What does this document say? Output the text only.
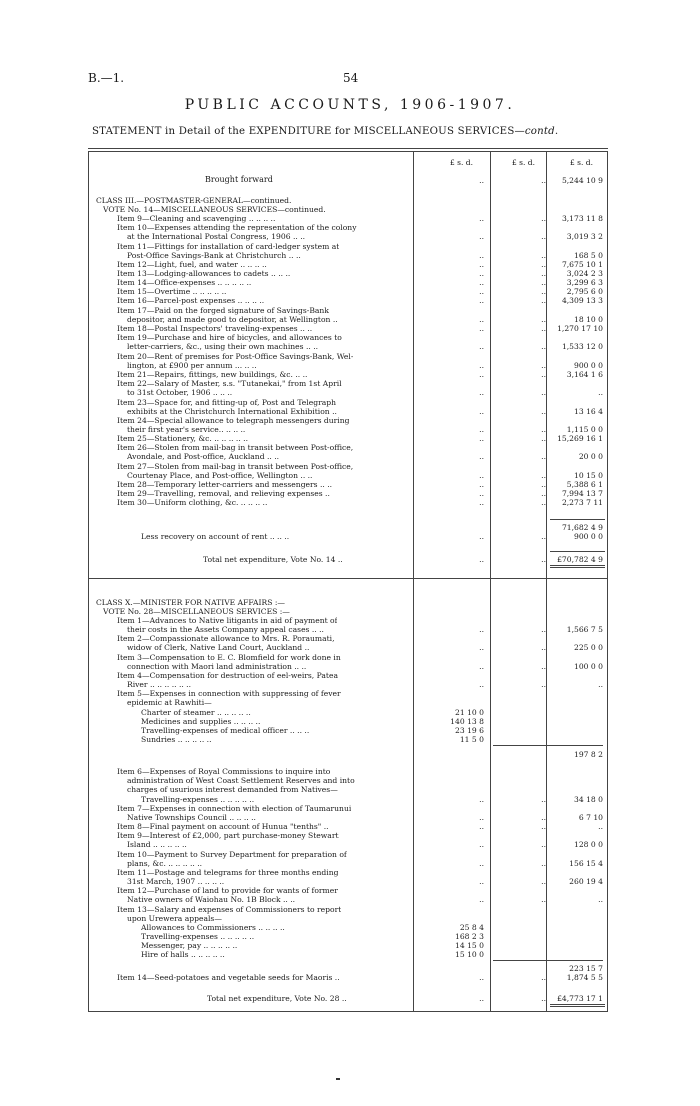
B.—1.	54
PUBLIC ACCOUNTS, 1906-1907.
STATEMENT in Detail of the EXPENDITURE for MISCELLANEOUS SERVICES—contd.
£ s. d.	£ s. d.	£ s. d.
Brought forward	..	..	5,244 10 9
CLASS III.—POSTMASTER-GENERAL—continued.
VOTE No. 14—MISCELLANEOUS SERVICES—continued.
Item 9—Cleaning and scavenging .. .. .. ..	..	..	3,173 11 8
Item 10—Expenses attending the representation of the colony
at the International Postal Congress, 1906 .. ..	..	..	3,019 3 2
Item 11—Fittings for installation of card-ledger system at
Post-Office Savings-Bank at Christchurch .. ..	..	..	168 5 0
Item 12—Light, fuel, and water .. .. .. ..	..	..	7,675 10 1
Item 13—Lodging-allowances to cadets .. .. ..	..	..	3,024 2 3
Item 14—Office-expenses .. .. .. .. ..	..	..	3,299 6 3
Item 15—Overtime .. .. .. .. ..	..	..	2,795 6 0
Item 16—Parcel-post expenses .. .. .. ..	..	..	4,309 13 3
Item 17—Paid on the forged signature of Savings-Bank
depositor, and made good to depositor, at Wellington ..	..	..	18 10 0
Item 18—Postal Inspectors' traveling-expenses .. ..	..	..	1,270 17 10
Item 19—Purchase and hire of bicycles, and allowances to
letter-carriers, &c., using their own machines .. ..	..	..	1,533 12 0
Item 20—Rent of premises for Post-Office Savings-Bank, Wel-
lington, at £900 per annum ... .. ..	..	..	900 0 0
Item 21—Repairs, fittings, new buildings, &c. .. ..	..	..	3,164 1 6
Item 22—Salary of Master, s.s. "Tutanekai," from 1st April
to 31st October, 1906 .. .. ..	..	..	..
Item 23—Space for, and fitting-up of, Post and Telegraph
exhibits at the Christchurch International Exhibition ..	..	..	13 16 4
Item 24—Special allowance to telegraph messengers during
their first year's service.. .. .. ..	..	..	1,115 0 0
Item 25—Stationery, &c. .. .. .. .. ..	..	..	15,269 16 1
Item 26—Stolen from mail-bag in transit between Post-office,
Avondale, and Post-office, Auckland .. ..	..	..	20 0 0
Item 27—Stolen from mail-bag in transit between Post-office,
Courtenay Place, and Post-office, Wellington .. ..	..	..	10 15 0
Item 28—Temporary letter-carriers and messengers .. ..	..	..	5,388 6 1
Item 29—Travelling, removal, and relieving expenses ..	..	..	7,994 13 7
Item 30—Uniform clothing, &c. .. .. .. ..	..	..	2,273 7 11
71,682 4 9
Less recovery on account of rent .. .. ..	..	..	900 0 0
Total net expenditure, Vote No. 14 ..	..	..	£70,782 4 9
CLASS X.—MINISTER FOR NATIVE AFFAIRS :—
VOTE No. 28—MISCELLANEOUS SERVICES :—
Item 1—Advances to Native litigants in aid of payment of
their costs in the Assets Company appeal cases .. ..	..	..	1,566 7 5
Item 2—Compassionate allowance to Mrs. R. Poraumati,
widow of Clerk, Native Land Court, Auckland ..	..	..	225 0 0
Item 3—Compensation to E. C. Blomfield for work done in
connection with Maori land administration .. ..	..	..	100 0 0
Item 4—Compensation for destruction of eel-weirs, Patea
River .. .. .. .. .. ..	..	..	..
Item 5—Expenses in connection with suppressing of fever
epidemic at Rawhiti—
Charter of steamer .. .. .. .. ..	21 10 0
Medicines and supplies .. .. .. ..	140 13 8
Travelling-expenses of medical officer .. .. ..	23 19 6
Sundries .. .. .. .. ..	11 5 0
197 8 2
Item 6—Expenses of Royal Commissions to inquire into
administration of West Coast Settlement Reserves and into
charges of usurious interest demanded from Natives—
Travelling-expenses .. .. .. .. ..	..	..	34 18 0
Item 7—Expenses in connection with election of Taumarunui
Native Townships Council .. .. .. ..	..	..	6 7 10
Item 8—Final payment on account of Hunua "tenths" ..	..	..	..
Item 9—Interest of £2,000, part purchase-money Stewart
Island .. .. .. .. ..	..	..	128 0 0
Item 10—Payment to Survey Department for preparation of
plans, &c. .. .. .. .. ..	..	..	156 15 4
Item 11—Postage and telegrams for three months ending
31st March, 1907 .. .. .. ..	..	..	260 19 4
Item 12—Purchase of land to provide for wants of former
Native owners of Waiohau No. 1B Block .. ..	..	..	..
Item 13—Salary and expenses of Commissioners to report
upon Urewera appeals—
Allowances to Commissioners .. .. .. ..	25 8 4
Travelling-expenses .. .. .. .. ..	168 2 3
Messenger, pay .. .. .. .. ..	14 15 0
Hire of halls .. .. .. .. ..	15 10 0
223 15 7
Item 14—Seed-potatoes and vegetable seeds for Maoris ..	..	..	1,874 5 5
Total net expenditure, Vote No. 28 ..	..	..	£4,773 17 1
